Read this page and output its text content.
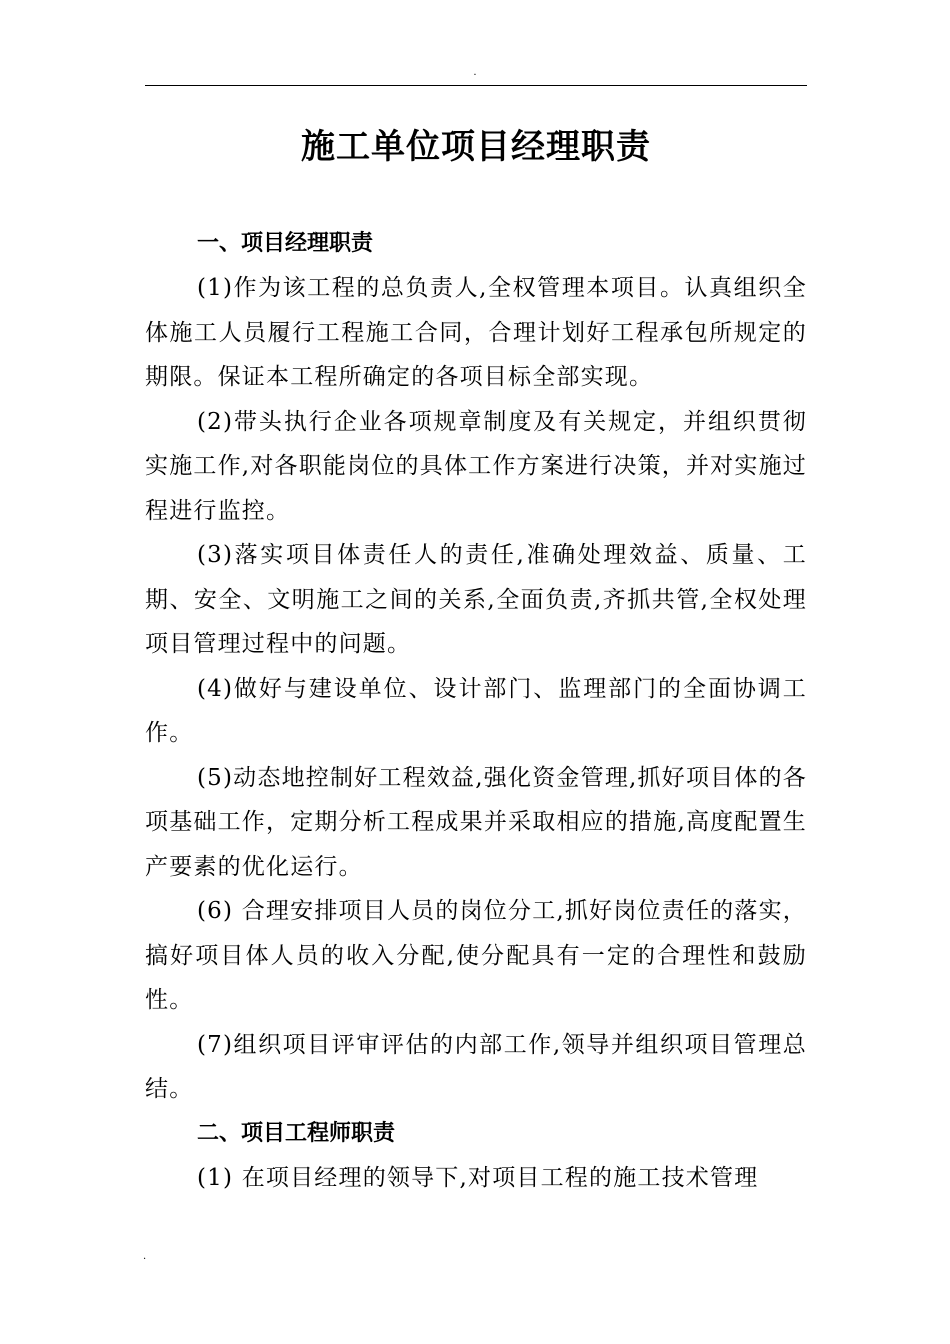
.
施工单位项目经理职责
一、项目经理职责

(1)作为该工程的总负责人,全权管理本项目。认真组织全体施工人员履行工程施工合同，合理计划好工程承包所规定的期限。保证本工程所确定的各项目标全部实现。

(2)带头执行企业各项规章制度及有关规定，并组织贯彻实施工作,对各职能岗位的具体工作方案进行决策，并对实施过程进行监控。

(3)落实项目体责任人的责任,准确处理效益、质量、工期、安全、文明施工之间的关系,全面负责,齐抓共管,全权处理项目管理过程中的问题。

(4)做好与建设单位、设计部门、监理部门的全面协调工作。

(5)动态地控制好工程效益,强化资金管理,抓好项目体的各项基础工作，定期分析工程成果并采取相应的措施,高度配置生产要素的优化运行。

(6) 合理安排项目人员的岗位分工,抓好岗位责任的落实，搞好项目体人员的收入分配,使分配具有一定的合理性和鼓励性。

(7)组织项目评审评估的内部工作,领导并组织项目管理总结。

二、项目工程师职责

(1) 在项目经理的领导下,对项目工程的施工技术管理

.
